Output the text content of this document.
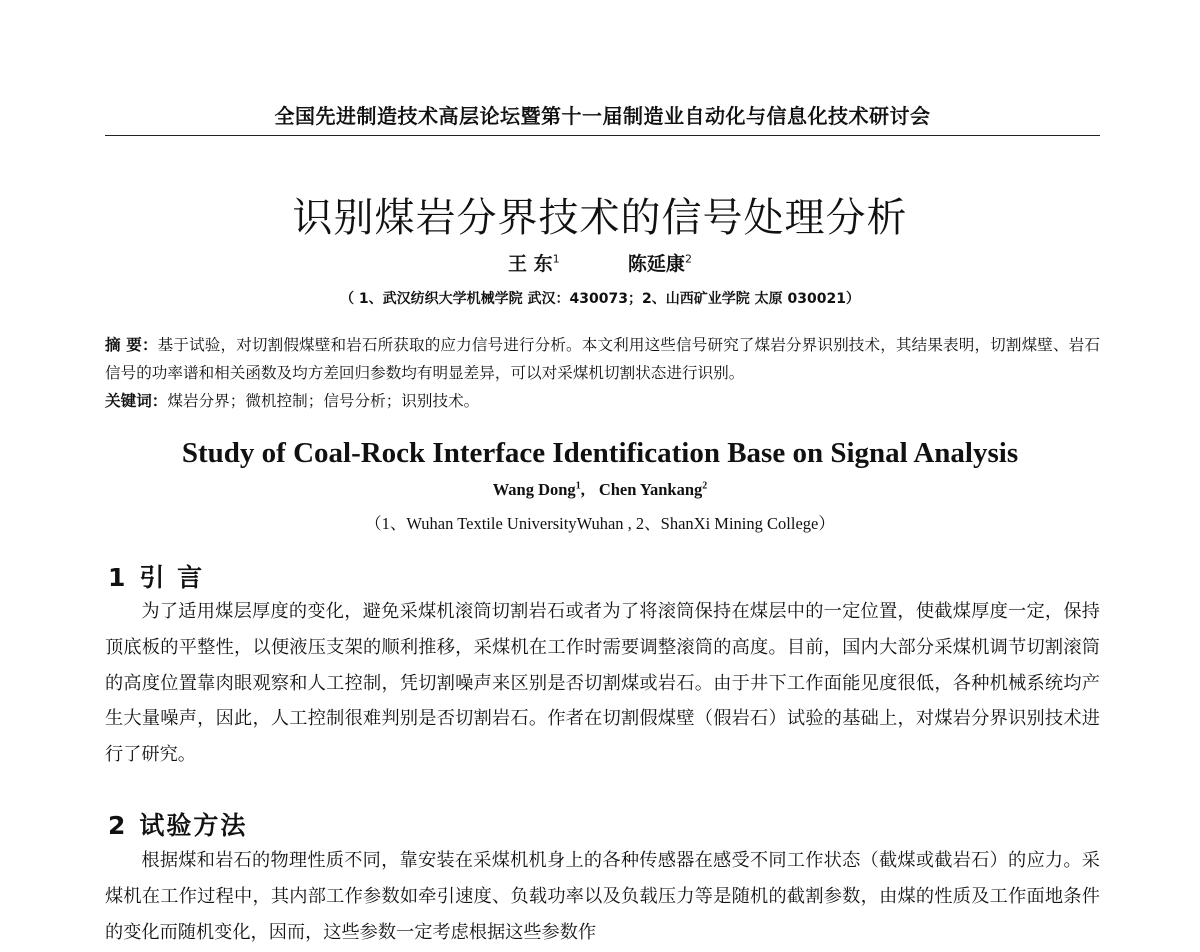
全国先进制造技术高层论坛暨第十一届制造业自动化与信息化技术研讨会
识别煤岩分界技术的信号处理分析
王 东$^1$	陈延康$^2$
（ 1、武汉纺织大学机械学院 武汉：430073；2、山西矿业学院 太原 030021）

摘 要：基于试验，对切割假煤壁和岩石所获取的应力信号进行分析。本文利用这些信号研究了煤岩分界识别技术，其结果表明，切割煤壁、岩石信号的功率谱和相关函数及均方差回归参数均有明显差异，可以对采煤机切割状态进行识别。

关键词：煤岩分界；微机控制；信号分析；识别技术。

Study of Coal-Rock Interface Identification Base on Signal Analysis
Wang Dong$^1$, Chen Yankang$^2$
（1、Wuhan Textile UniversityWuhan , 2、ShanXi Mining College）
1 引 言

为了适用煤层厚度的变化，避免采煤机滚筒切割岩石或者为了将滚筒保持在煤层中的一定位置，使截煤厚度一定，保持顶底板的平整性，以便液压支架的顺利推移，采煤机在工作时需要调整滚筒的高度。目前，国内大部分采煤机调节切割滚筒的高度位置靠肉眼观察和人工控制，凭切割噪声来区别是否切割煤或岩石。由于井下工作面能见度很低，各种机械系统均产生大量噪声，因此，人工控制很难判别是否切割岩石。作者在切割假煤壁（假岩石）试验的基础上，对煤岩分界识别技术进行了研究。

2 试验方法

根据煤和岩石的物理性质不同，靠安装在采煤机机身上的各种传感器在感受不同工作状态（截煤或截岩石）的应力。采煤机在工作过程中，其内部工作参数如牵引速度、负载功率以及负载压力等是随机的截割参数，由煤的性质及工作面地条件的变化而随机变化，因而，这些参数一定考虑根据这些参数作
